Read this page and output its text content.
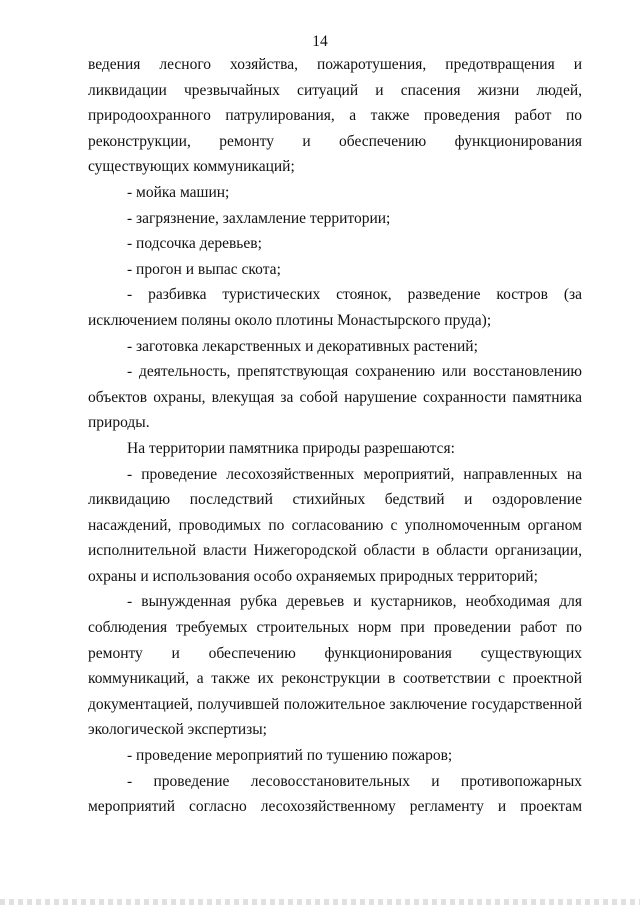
14

ведения лесного хозяйства, пожаротушения, предотвращения и ликвидации чрезвычайных ситуаций и спасения жизни людей, природоохранного патрулирования, а также проведения работ по реконструкции, ремонту и обеспечению функционирования существующих коммуникаций;

- мойка машин;

- загрязнение, захламление территории;

- подсочка деревьев;

- прогон и выпас скота;

- разбивка туристических стоянок, разведение костров (за исключением поляны около плотины Монастырского пруда);

- заготовка лекарственных и декоративных растений;

- деятельность, препятствующая сохранению или восстановлению объектов охраны, влекущая за собой нарушение сохранности памятника природы.

На территории памятника природы разрешаются:

- проведение лесохозяйственных мероприятий, направленных на ликвидацию последствий стихийных бедствий и оздоровление насаждений, проводимых по согласованию с уполномоченным органом исполнительной власти Нижегородской области в области организации, охраны и использования особо охраняемых природных территорий;

- вынужденная рубка деревьев и кустарников, необходимая для соблюдения требуемых строительных норм при проведении работ по ремонту и обеспечению функционирования существующих коммуникаций, а также их реконструкции в соответствии с проектной документацией, получившей положительное заключение государственной экологической экспертизы;

- проведение мероприятий по тушению пожаров;

- проведение лесовосстановительных и противопожарных мероприятий согласно лесохозяйственному регламенту и проектам
